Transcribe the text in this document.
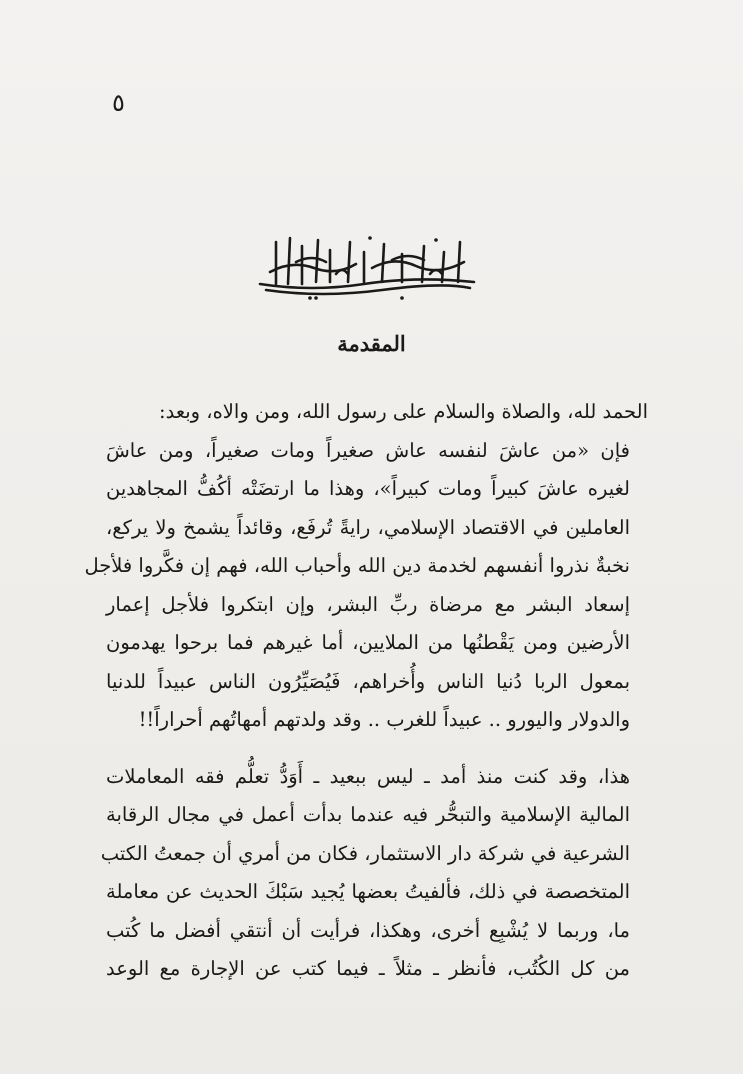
٥
المقدمة

الحمد لله، والصلاة والسلام على رسول الله، ومن والاه، وبعد:

فإن «من عاشَ لنفسه عاش صغيراً ومات صغيراً، ومن عاشَ
لغيره عاشَ كبيراً ومات كبيراً»، وهذا ما ارتضَتْه أكُفُّ المجاهدين
العاملين في الاقتصاد الإسلامي، رايةً تُرفَع، وقائداً يشمخ ولا يركع،
نخبةٌ نذروا أنفسهم لخدمة دين الله وأحباب الله، فهم إن فكَّروا فلأجل
إسعاد البشر مع مرضاة ربِّ البشر، وإن ابتكروا فلأجل إعمار
الأرضين ومن يَقْطنُها من الملايين، أما غيرهم فما برحوا يهدمون
بمعول الربا دُنيا الناس وأُخراهم، فَيُصَيِّرُون الناس عبيداً للدنيا
والدولار واليورو .. عبيداً للغرب .. وقد ولدتهم أمهاتُهم أحراراً!!

هذا، وقد كنت منذ أمد ـ ليس ببعيد ـ أَوَدُّ تعلُّم فقه المعاملات
المالية الإسلامية والتبحُّر فيه عندما بدأت أعمل في مجال الرقابة
الشرعية في شركة دار الاستثمار، فكان من أمري أن جمعتُ الكتب
المتخصصة في ذلك، فألفيتُ بعضها يُجيد سَبْكَ الحديث عن معاملة
ما، وربما لا يُشْبِع أخرى، وهكذا، فرأيت أن أنتقي أفضل ما كُتب
من كل الكُتُب، فأنظر ـ مثلاً ـ فيما كتب عن الإجارة مع الوعد
